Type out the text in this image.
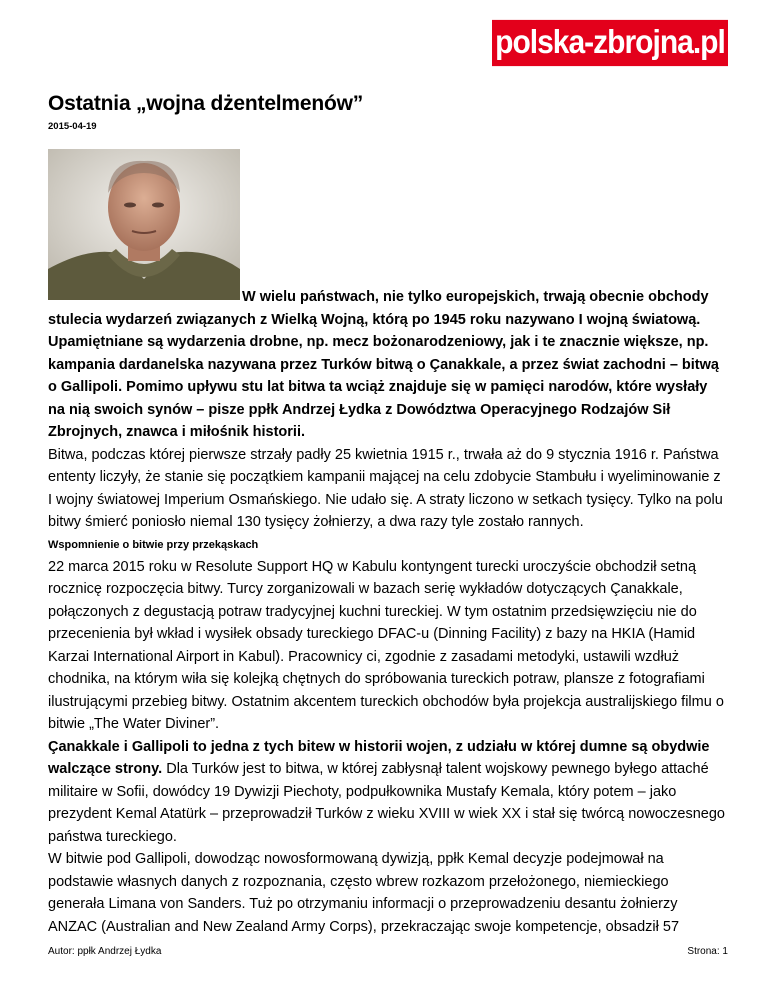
polska-zbrojna.pl
Ostatnia „wojna dżentelmenów”
2015-04-19

W wielu państwach, nie tylko europejskich, trwają obecnie obchody stulecia wydarzeń związanych z Wielką Wojną, którą po 1945 roku nazywano I wojną światową. Upamiętniane są wydarzenia drobne, np. mecz bożonarodzeniowy, jak i te znacznie większe, np. kampania dardanelska nazywana przez Turków bitwą o Çanakkale, a przez świat zachodni – bitwą o Gallipoli. Pomimo upływu stu lat bitwa ta wciąż znajduje się w pamięci narodów, które wysłały na nią swoich synów – pisze ppłk Andrzej Łydka z Dowództwa Operacyjnego Rodzajów Sił Zbrojnych, znawca i miłośnik historii.

Bitwa, podczas której pierwsze strzały padły 25 kwietnia 1915 r., trwała aż do 9 stycznia 1916 r. Państwa ententy liczyły, że stanie się początkiem kampanii mającej na celu zdobycie Stambułu i wyeliminowanie z I wojny światowej Imperium Osmańskiego. Nie udało się. A straty liczono w setkach tysięcy. Tylko na polu bitwy śmierć poniosło niemal 130 tysięcy żołnierzy, a dwa razy tyle zostało rannych.

Wspomnienie o bitwie przy przekąskach

22 marca 2015 roku w Resolute Support HQ w Kabulu kontyngent turecki uroczyście obchodził setną rocznicę rozpoczęcia bitwy. Turcy zorganizowali w bazach serię wykładów dotyczących Çanakkale, połączonych z degustacją potraw tradycyjnej kuchni tureckiej. W tym ostatnim przedsięwzięciu nie do przecenienia był wkład i wysiłek obsady tureckiego DFAC-u (Dinning Facility) z bazy na HKIA (Hamid Karzai International Airport in Kabul). Pracownicy ci, zgodnie z zasadami metodyki, ustawili wzdłuż chodnika, na którym wiła się kolejką chętnych do spróbowania tureckich potraw, plansze z fotografiami ilustrującymi przebieg bitwy. Ostatnim akcentem tureckich obchodów była projekcja australijskiego filmu o bitwie „The Water Diviner”.

Çanakkale i Gallipoli to jedna z tych bitew w historii wojen, z udziału w której dumne są obydwie walczące strony. Dla Turków jest to bitwa, w której zabłysnął talent wojskowy pewnego byłego attaché militaire w Sofii, dowódcy 19 Dywizji Piechoty, podpułkownika Mustafy Kemala, który potem – jako prezydent Kemal Atatürk – przeprowadził Turków z wieku XVIII w wiek XX i stał się twórcą nowoczesnego państwa tureckiego.

W bitwie pod Gallipoli, dowodząc nowosformowaną dywizją, ppłk Kemal decyzje podejmował na podstawie własnych danych z rozpoznania, często wbrew rozkazom przełożonego, niemieckiego generała Limana von Sanders. Tuż po otrzymaniu informacji o przeprowadzeniu desantu żołnierzy ANZAC (Australian and New Zealand Army Corps), przekraczając swoje kompetencje, obsadził 57

Autor: ppłk Andrzej Łydka	Strona: 1
